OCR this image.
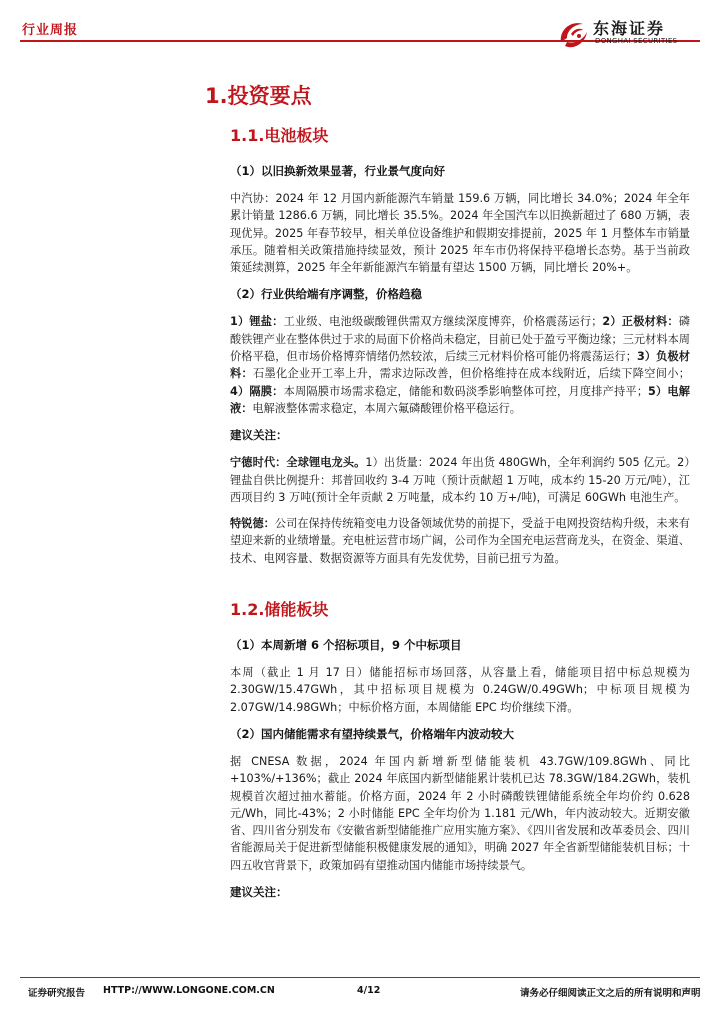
行业周报	东海证券
DONGHAI SECURITIES
1.投资要点
1.1.电池板块
（1）以旧换新效果显著，行业景气度向好
中汽协：2024 年 12 月国内新能源汽车销量 159.6 万辆，同比增长 34.0%；2024 年全年累计销量 1286.6 万辆，同比增长 35.5%。2024 年全国汽车以旧换新超过了 680 万辆，表现优异。2025 年春节较早，相关单位设备维护和假期安排提前，2025 年 1 月整体车市销量承压。随着相关政策措施持续显效，预计 2025 年车市仍将保持平稳增长态势。基于当前政策延续测算，2025 年全年新能源汽车销量有望达 1500 万辆，同比增长 20%+。
（2）行业供给端有序调整，价格趋稳
1）锂盐：工业级、电池级碳酸锂供需双方继续深度博弈，价格震荡运行；2）正极材料：磷酸铁锂产业在整体供过于求的局面下价格尚未稳定，目前已处于盈亏平衡边缘；三元材料本周价格平稳，但市场价格博弈情绪仍然较浓，后续三元材料价格可能仍将震荡运行；3）负极材料：石墨化企业开工率上升，需求边际改善，但价格维持在成本线附近，后续下降空间小；4）隔膜：本周隔膜市场需求稳定，储能和数码淡季影响整体可控，月度排产持平；5）电解液：电解液整体需求稳定，本周六氟磷酸锂价格平稳运行。
建议关注：
宁德时代：全球锂电龙头。1）出货量：2024 年出货 480GWh，全年利润约 505 亿元。2）锂盐自供比例提升：邦普回收约 3-4 万吨（预计贡献超 1 万吨，成本约 15-20 万元/吨），江西项目约 3 万吨(预计全年贡献 2 万吨量，成本约 10 万+/吨)，可满足 60GWh 电池生产。
特锐德：公司在保持传统箱变电力设备领域优势的前提下，受益于电网投资结构升级，未来有望迎来新的业绩增量。充电桩运营市场广阔，公司作为全国充电运营商龙头，在资金、渠道、技术、电网容量、数据资源等方面具有先发优势，目前已扭亏为盈。
1.2.储能板块
（1）本周新增 6 个招标项目，9 个中标项目
本周（截止 1 月 17 日）储能招标市场回落，从容量上看，储能项目招中标总规模为 2.30GW/15.47GWh，其中招标项目规模为 0.24GW/0.49GWh；中标项目规模为 2.07GW/14.98GWh；中标价格方面，本周储能 EPC 均价继续下滑。
（2）国内储能需求有望持续景气，价格端年内波动较大
据 CNESA 数据，2024 年国内新增新型储能装机 43.7GW/109.8GWh、同比+103%/+136%；截止 2024 年底国内新型储能累计装机已达 78.3GW/184.2GWh，装机规模首次超过抽水蓄能。价格方面，2024 年 2 小时磷酸铁锂储能系统全年均价约 0.628 元/Wh，同比-43%；2 小时储能 EPC 全年均价为 1.181 元/Wh，年内波动较大。近期安徽省、四川省分别发布《安徽省新型储能推广应用实施方案》、《四川省发展和改革委员会、四川省能源局关于促进新型储能积极健康发展的通知》，明确 2027 年全省新型储能装机目标；十四五收官背景下，政策加码有望推动国内储能市场持续景气。
建议关注：
证券研究报告 HTTP://WWW.LONGONE.COM.CN	4/12	请务必仔细阅读正文之后的所有说明和声明
